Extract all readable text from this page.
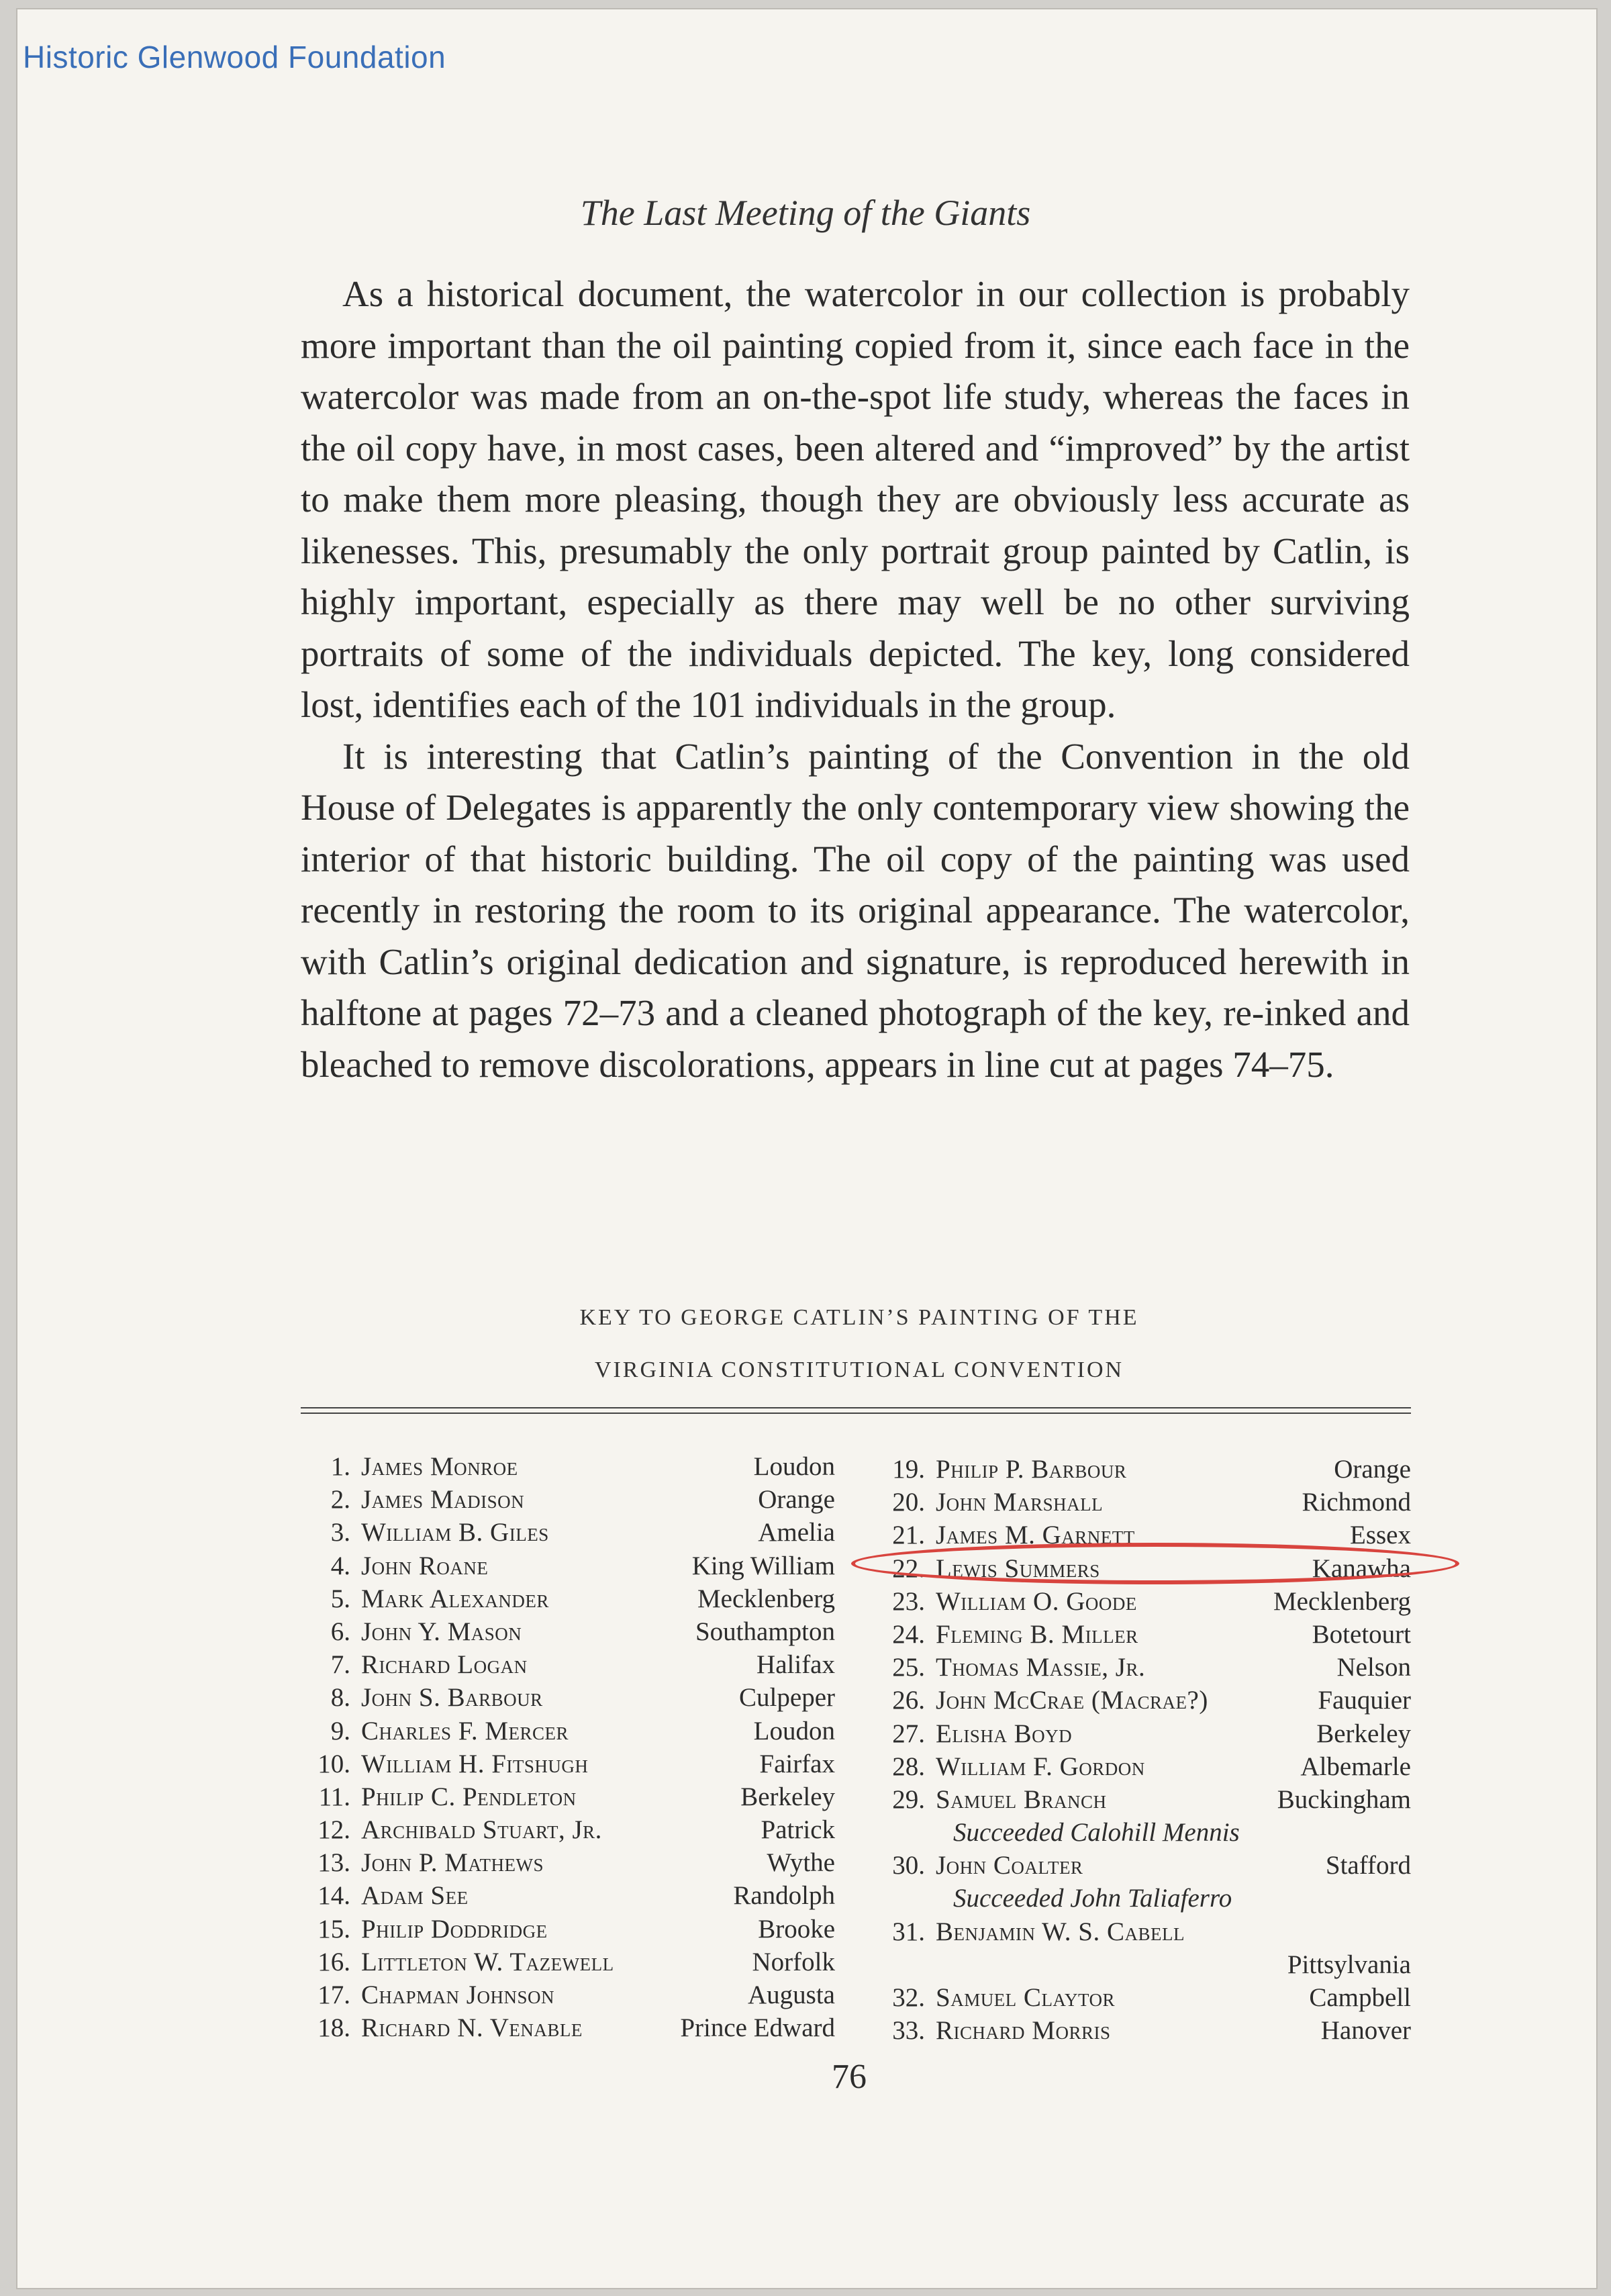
Historic Glenwood Foundation
The Last Meeting of the Giants

As a historical document, the watercolor in our collection is probably more important than the oil painting copied from it, since each face in the watercolor was made from an on-the-spot life study, whereas the faces in the oil copy have, in most cases, been altered and “improved” by the artist to make them more pleasing, though they are obviously less accurate as likenesses. This, presumably the only portrait group painted by Catlin, is highly important, especially as there may well be no other surviving portraits of some of the individuals depicted. The key, long considered lost, identifies each of the 101 individuals in the group.

It is interesting that Catlin’s painting of the Convention in the old House of Delegates is apparently the only contemporary view showing the interior of that historic building. The oil copy of the painting was used recently in restoring the room to its original appearance. The watercolor, with Catlin’s original dedication and signature, is reproduced herewith in halftone at pages 72–73 and a cleaned photograph of the key, re-inked and bleached to remove discolorations, appears in line cut at pages 74–75.

KEY TO GEORGE CATLIN’S PAINTING OF THE
VIRGINIA CONSTITUTIONAL CONVENTION
1. James Monroe	Loudon
2. James Madison	Orange
3. William B. Giles	Amelia
4. John Roane	King William
5. Mark Alexander	Mecklenberg
6. John Y. Mason	Southampton
7. Richard Logan	Halifax
8. John S. Barbour	Culpeper
9. Charles F. Mercer	Loudon
10. William H. Fitshugh	Fairfax
11. Philip C. Pendleton	Berkeley
12. Archibald Stuart, Jr.	Patrick
13. John P. Mathews	Wythe
14. Adam See	Randolph
15. Philip Doddridge	Brooke
16. Littleton W. Tazewell	Norfolk
17. Chapman Johnson	Augusta
18. Richard N. Venable	Prince Edward
19. Philip P. Barbour	Orange
20. John Marshall	Richmond
21. James M. Garnett	Essex
22. Lewis Summers	Kanawha
23. William O. Goode	Mecklenberg
24. Fleming B. Miller	Botetourt
25. Thomas Massie, Jr.	Nelson
26. John McCrae (Macrae?)	Fauquier
27. Elisha Boyd	Berkeley
28. William F. Gordon	Albemarle
29. Samuel Branch	Buckingham
Succeeded Calohill Mennis
30. John Coalter	Stafford
Succeeded John Taliaferro
31. Benjamin W. S. Cabell
Pittsylvania
32. Samuel Claytor	Campbell
33. Richard Morris	Hanover
76
